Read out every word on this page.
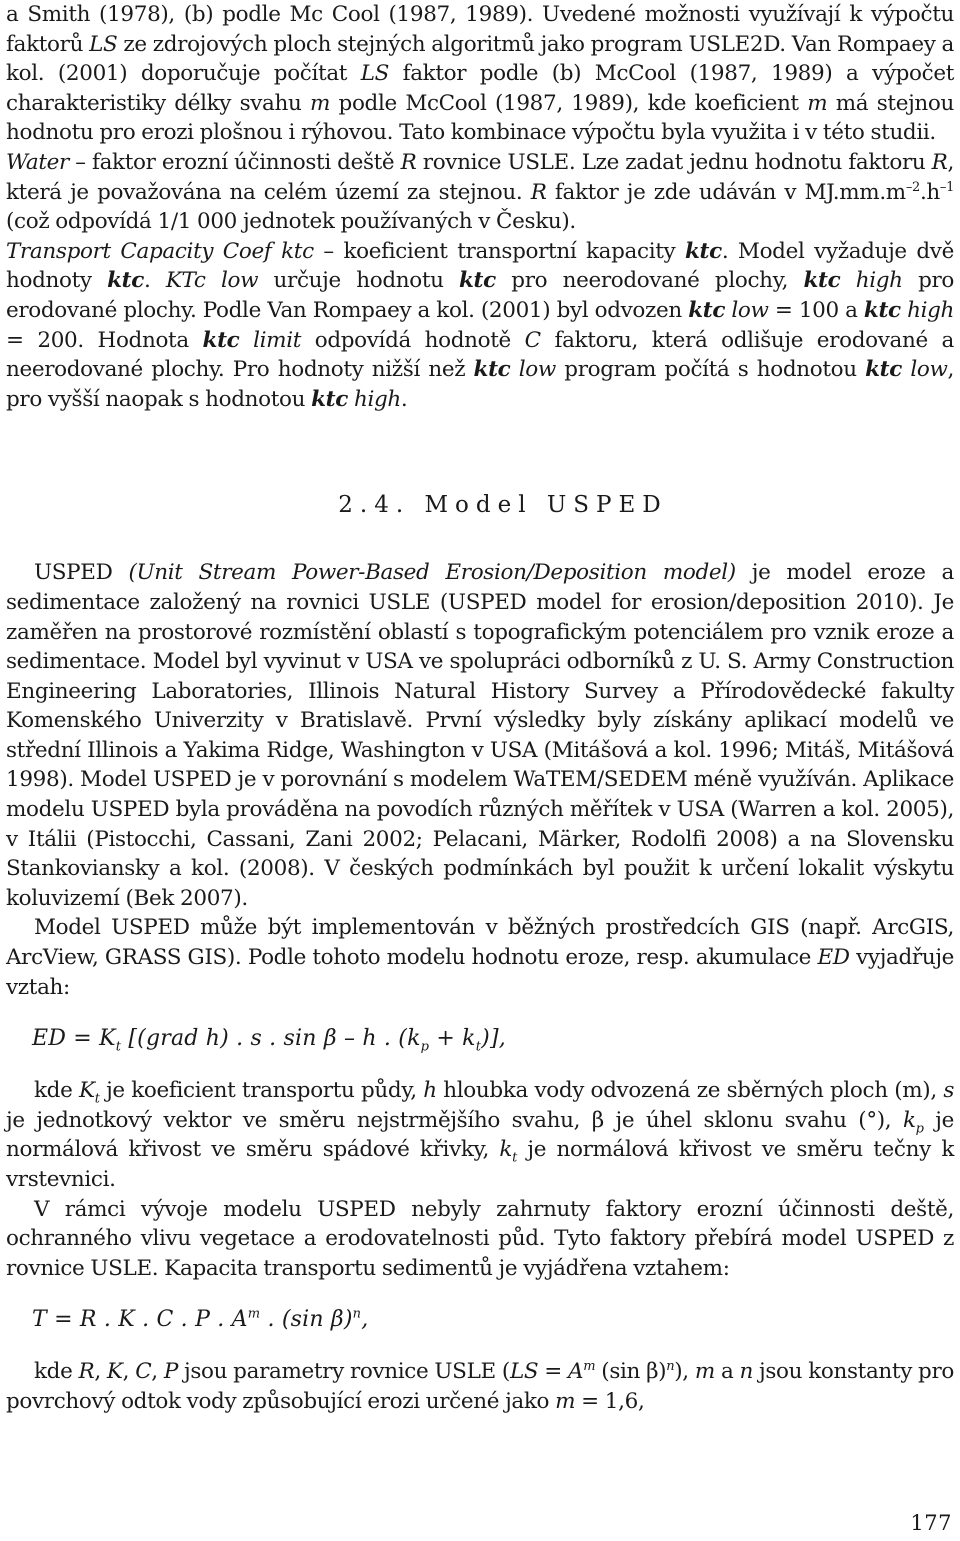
a Smith (1978), (b) podle Mc Cool (1987, 1989). Uvedené možnosti využívají k výpočtu faktorů LS ze zdrojových ploch stejných algoritmů jako program USLE2D. Van Rompaey a kol. (2001) doporučuje počítat LS faktor podle (b) McCool (1987, 1989) a výpočet charakteristiky délky svahu m podle McCool (1987, 1989), kde koeficient m má stejnou hodnotu pro erozi plošnou i rýhovou. Tato kombinace výpočtu byla využita i v této studii.

Water – faktor erozní účinnosti deště R rovnice USLE. Lze zadat jednu hodnotu faktoru R, která je považována na celém území za stejnou. R faktor je zde udáván v $MJ.mm.m^{-2}.h^{-1}$ (což odpovídá 1/1 000 jednotek používaných v Česku).

Transport Capacity Coef ktc – koeficient transportní kapacity ktc. Model vyžaduje dvě hodnoty ktc. KTc low určuje hodnotu ktc pro neerodované plochy, ktc high pro erodované plochy. Podle Van Rompaey a kol. (2001) byl odvozen ktc low = 100 a ktc high = 200. Hodnota ktc limit odpovídá hodnotě C faktoru, která odlišuje erodované a neerodované plochy. Pro hodnoty nižší než ktc low program počítá s hodnotou ktc low, pro vyšší naopak s hodnotou ktc high.

2.4. Model USPED

USPED (Unit Stream Power-Based Erosion/Deposition model) je model eroze a sedimentace založený na rovnici USLE (USPED model for erosion/deposition 2010). Je zaměřen na prostorové rozmístění oblastí s topografickým potenciálem pro vznik eroze a sedimentace. Model byl vyvinut v USA ve spolupráci odborníků z U. S. Army Construction Engineering Laboratories, Illinois Natural History Survey a Přírodovědecké fakulty Komenského Univerzity v Bratislavě. První výsledky byly získány aplikací modelů ve střední Illinois a Yakima Ridge, Washington v USA (Mitášová a kol. 1996; Mitáš, Mitášová 1998). Model USPED je v porovnání s modelem WaTEM/SEDEM méně využíván. Aplikace modelu USPED byla prováděna na povodích různých měřítek v USA (Warren a kol. 2005), v Itálii (Pistocchi, Cassani, Zani 2002; Pelacani, Märker, Rodolfi 2008) a na Slovensku Stankoviansky a kol. (2008). V českých podmínkách byl použit k určení lokalit výskytu koluvizemí (Bek 2007).

Model USPED může být implementován v běžných prostředcích GIS (např. ArcGIS, ArcView, GRASS GIS). Podle tohoto modelu hodnotu eroze, resp. akumulace ED vyjadřuje vztah:

ED = $K_t$ [(grad h) . s . sin β – h . $(k_p + k_t)$],

kde $K_t$ je koeficient transportu půdy, h hloubka vody odvozená ze sběrných ploch (m), s je jednotkový vektor ve směru nejstrmějšího svahu, β je úhel sklonu svahu (°), $k_p$ je normálová křivost ve směru spádové křivky, $k_t$ je normálová křivost ve směru tečny k vrstevnici.

V rámci vývoje modelu USPED nebyly zahrnuty faktory erozní účinnosti deště, ochranného vlivu vegetace a erodovatelnosti půd. Tyto faktory přebírá model USPED z rovnice USLE. Kapacita transportu sedimentů je vyjádřena vztahem:

T = R . K . C . P . $A^m$ . (sin β)$^n$,

kde R, K, C, P jsou parametry rovnice USLE ($LS = A^m$ (sin β)$^n$), m a n jsou konstanty pro povrchový odtok vody způsobující erozi určené jako m = 1,6,

177
